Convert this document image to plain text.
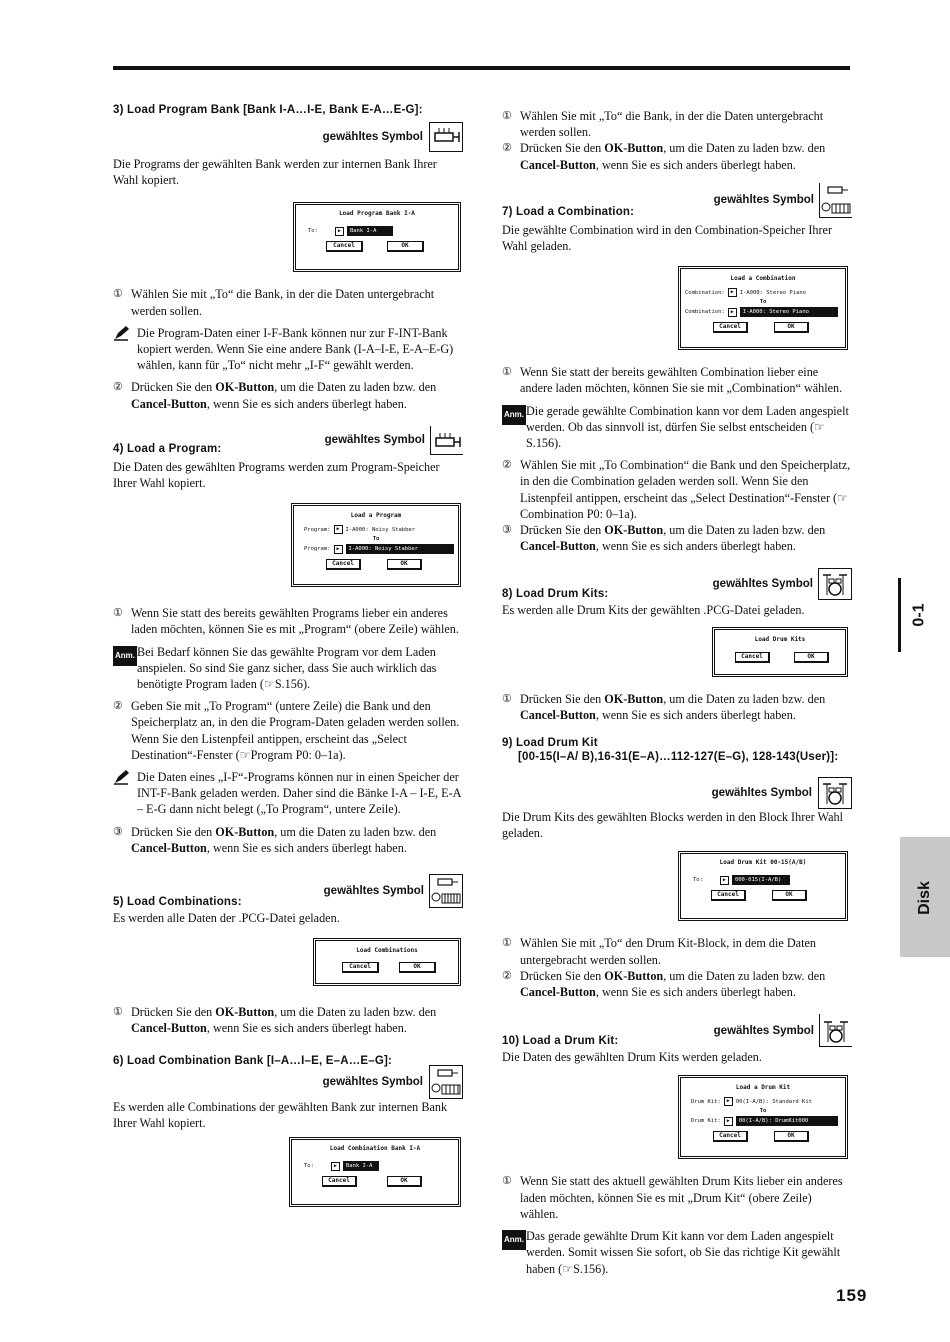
3) Load Program Bank [Bank I-A…I-E, Bank E-A…E-G]:
gewähltes Symbol

Die Programs der gewählten Bank werden zur internen Bank Ihrer Wahl kopiert.

Load Program Bank I-A
To:	▶	Bank I-A
Cancel	OK
① Wählen Sie mit „To“ die Bank, in der die Daten untergebracht werden sollen.
Die Program-Daten einer I-F-Bank können nur zur F-INT-Bank kopiert werden. Wenn Sie eine andere Bank (I-A–I-E, E-A–E-G) wählen, kann für „To“ nicht mehr „I-F“ gewählt werden.
② Drücken Sie den OK-Button, um die Daten zu laden bzw. den Cancel-Button, wenn Sie es sich anders überlegt haben.
4) Load a Program:
gewähltes Symbol

Die Daten des gewählten Programs werden zum Program-Speicher Ihrer Wahl kopiert.

Load a Program
Program:	▶	I-A000: Noisy Stabber
To
Program:	▶	I-A000: Noisy Stabber
Cancel	OK
① Wenn Sie statt des bereits gewählten Programs lieber ein anderes laden möchten, können Sie es mit „Program“ (obere Zeile) wählen.
Anm. Bei Bedarf können Sie das gewählte Program vor dem Laden anspielen. So sind Sie ganz sicher, dass Sie auch wirklich das benötigte Program laden (☞S.156).
② Geben Sie mit „To Program“ (untere Zeile) die Bank und den Speicherplatz an, in den die Program-Daten geladen werden sollen. Wenn Sie den Listenpfeil antippen, erscheint das „Select Destination“-Fenster (☞Program P0: 0–1a).
Die Daten eines „I-F“-Programs können nur in einen Speicher der INT-F-Bank geladen werden. Daher sind die Bänke I-A – I-E, E-A – E-G dann nicht belegt („To Program“, untere Zeile).
③ Drücken Sie den OK-Button, um die Daten zu laden bzw. den Cancel-Button, wenn Sie es sich anders überlegt haben.
5) Load Combinations:
gewähltes Symbol

Es werden alle Daten der .PCG-Datei geladen.

Load Combinations
Cancel	OK
① Drücken Sie den OK-Button, um die Daten zu laden bzw. den Cancel-Button, wenn Sie es sich anders überlegt haben.
6) Load Combination Bank [I–A…I–E, E–A…E–G]:
gewähltes Symbol

Es werden alle Combinations der gewählten Bank zur internen Bank Ihrer Wahl kopiert.

Load Combination Bank I-A
To:	▶	Bank I-A
Cancel	OK
① Wählen Sie mit „To“ die Bank, in der die Daten untergebracht werden sollen.
② Drücken Sie den OK-Button, um die Daten zu laden bzw. den Cancel-Button, wenn Sie es sich anders überlegt haben.
7) Load a Combination:
gewähltes Symbol

Die gewählte Combination wird in den Combination-Speicher Ihrer Wahl geladen.

Load a Combination
Combination:	▶	I-A000: Stereo Piano
To
Combination:	▶	I-A000: Stereo Piano
Cancel	OK
① Wenn Sie statt der bereits gewählten Combination lieber eine andere laden möchten, können Sie sie mit „Combination“ wählen.
Anm. Die gerade gewählte Combination kann vor dem Laden angespielt werden. Ob das sinnvoll ist, dürfen Sie selbst entscheiden (☞S.156).
② Wählen Sie mit „To Combination“ die Bank und den Speicherplatz, in den die Combination geladen werden soll. Wenn Sie den Listenpfeil antippen, erscheint das „Select Destination“-Fenster (☞ Combination P0: 0–1a).
③ Drücken Sie den OK-Button, um die Daten zu laden bzw. den Cancel-Button, wenn Sie es sich anders überlegt haben.
8) Load Drum Kits:
gewähltes Symbol

Es werden alle Drum Kits der gewählten .PCG-Datei geladen.

Load Drum Kits
Cancel	OK
① Drücken Sie den OK-Button, um die Daten zu laden bzw. den Cancel-Button, wenn Sie es sich anders überlegt haben.
9) Load Drum Kit
[00-15(I–A/ B),16-31(E–A)…112-127(E–G), 128-143(User)]:
gewähltes Symbol

Die Drum Kits des gewählten Blocks werden in den Block Ihrer Wahl geladen.

Load Drum Kit 00-15(A/B)
To:	▶	000-015(I-A/B)
Cancel	OK
① Wählen Sie mit „To“ den Drum Kit-Block, in dem die Daten untergebracht werden sollen.
② Drücken Sie den OK-Button, um die Daten zu laden bzw. den Cancel-Button, wenn Sie es sich anders überlegt haben.
10) Load a Drum Kit:
gewähltes Symbol

Die Daten des gewählten Drum Kits werden geladen.

Load a Drum Kit
Drum Kit:	▶	00(I-A/B): Standard Kit
To
Drum Kit:	▶	00(I-A/B): DrumKit000
Cancel	OK
① Wenn Sie statt des aktuell gewählten Drum Kits lieber ein anderes laden möchten, können Sie es mit „Drum Kit“ (obere Zeile) wählen.
Anm. Das gerade gewählte Drum Kit kann vor dem Laden angespielt werden. Somit wissen Sie sofort, ob Sie das richtige Kit gewählt haben (☞S.156).
0-1
Disk
159
